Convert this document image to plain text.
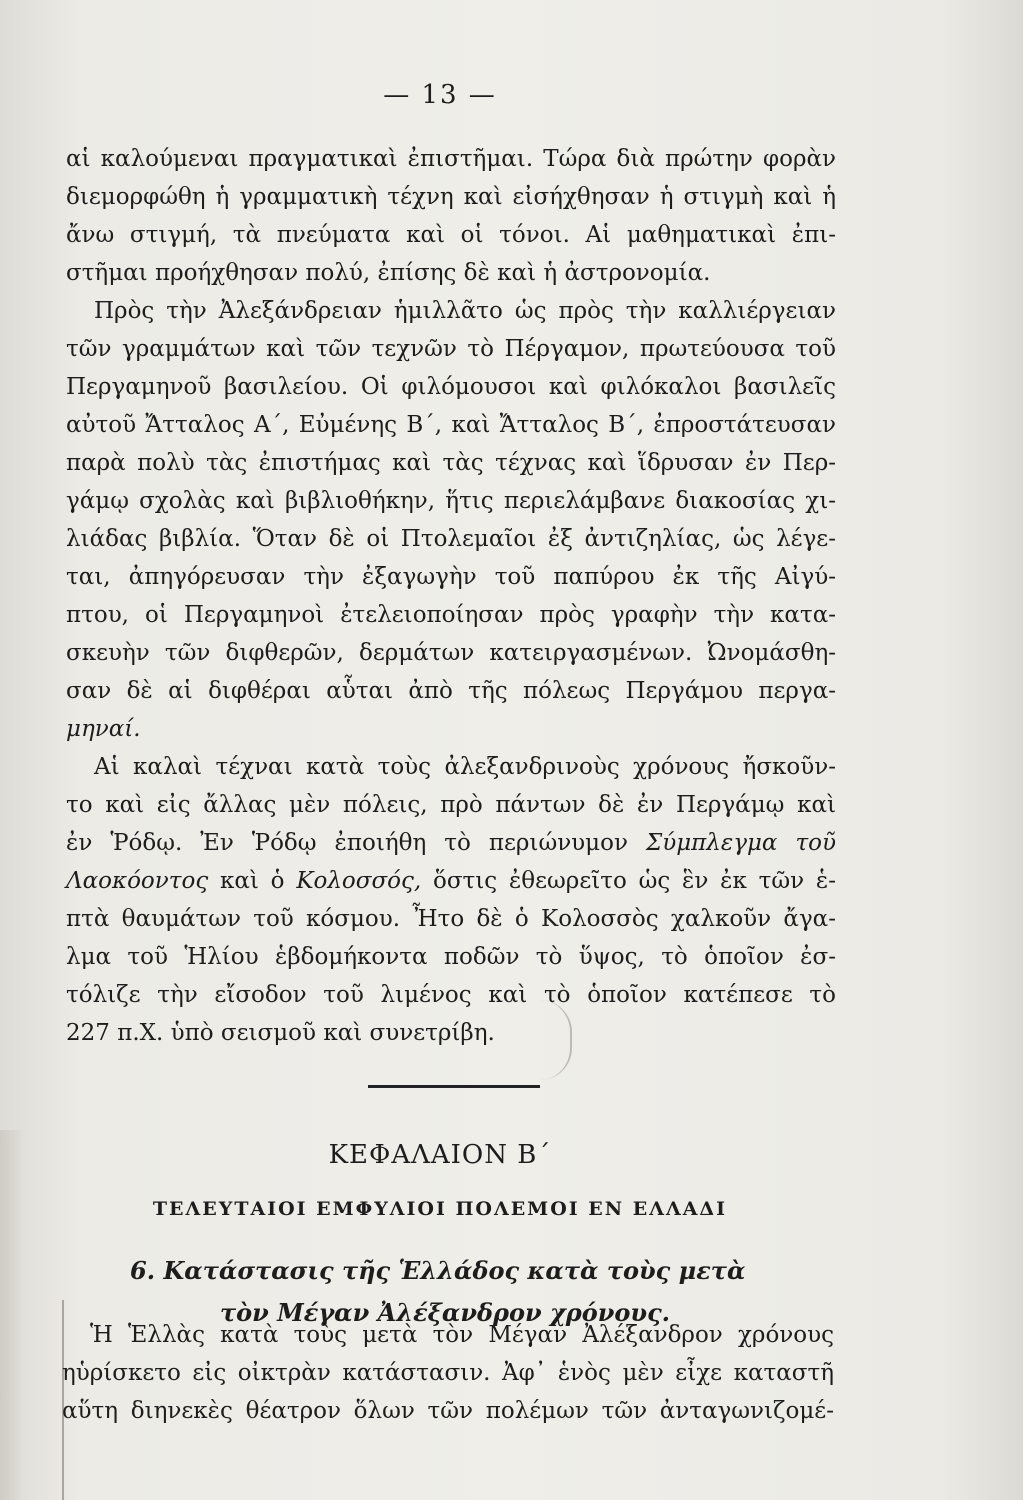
— 13 —
αἱ καλούμεναι πραγματικαὶ ἐπιστῆμαι. Τώρα διὰ πρώτην φορὰν
διεμορφώθη ἡ γραμματικὴ τέχνη καὶ εἰσήχθησαν ἡ στιγμὴ καὶ ἡ
ἄνω στιγμή, τὰ πνεύματα καὶ οἱ τόνοι. Αἱ μαθηματικαὶ ἐπι-
στῆμαι προήχθησαν πολύ, ἐπίσης δὲ καὶ ἡ ἀστρονομία.
Πρὸς τὴν Ἀλεξάνδρειαν ἡμιλλᾶτο ὡς πρὸς τὴν καλλιέργειαν
τῶν γραμμάτων καὶ τῶν τεχνῶν τὸ Πέργαμον, πρωτεύουσα τοῦ
Περγαμηνοῦ βασιλείου. Οἱ φιλόμουσοι καὶ φιλόκαλοι βασιλεῖς
αὐτοῦ Ἄτταλος Α΄, Εὐμένης Β΄, καὶ Ἄτταλος Β΄, ἐπροστάτευσαν
παρὰ πολὺ τὰς ἐπιστήμας καὶ τὰς τέχνας καὶ ἵδρυσαν ἐν Περ-
γάμῳ σχολὰς καὶ βιβλιοθήκην, ἥτις περιελάμβανε διακοσίας χι-
λιάδας βιβλία. Ὅταν δὲ οἱ Πτολεμαῖοι ἐξ ἀντιζηλίας, ὡς λέγε-
ται, ἀπηγόρευσαν τὴν ἐξαγωγὴν τοῦ παπύρου ἐκ τῆς Αἰγύ-
πτου, οἱ Περγαμηνοὶ ἐτελειοποίησαν πρὸς γραφὴν τὴν κατα-
σκευὴν τῶν διφθερῶν, δερμάτων κατειργασμένων. Ὠνομάσθη-
σαν δὲ αἱ διφθέραι αὗται ἀπὸ τῆς πόλεως Περγάμου περγα-
μηναί.
Αἱ καλαὶ τέχναι κατὰ τοὺς ἀλεξανδρινοὺς χρόνους ἤσκοῦν-
το καὶ εἰς ἄλλας μὲν πόλεις, πρὸ πάντων δὲ ἐν Περγάμῳ καὶ
ἐν Ῥόδῳ. Ἐν Ῥόδῳ ἐποιήθη τὸ περιώνυμον Σύμπλεγμα τοῦ
Λαοκόοντος καὶ ὁ Κολοσσός, ὅστις ἐθεωρεῖτο ὡς ἓν ἐκ τῶν ἑ-
πτὰ θαυμάτων τοῦ κόσμου. Ἦτο δὲ ὁ Κολοσσὸς χαλκοῦν ἄγα-
λμα τοῦ Ἡλίου ἑβδομήκοντα ποδῶν τὸ ὕψος, τὸ ὁποῖον ἐσ-
τόλιζε τὴν εἴσοδον τοῦ λιμένος καὶ τὸ ὁποῖον κατέπεσε τὸ
227 π.Χ. ὑπὸ σεισμοῦ καὶ συνετρίβη.
ΚΕΦΑΛΑΙΟΝ Β΄
ΤΕΛΕΥΤΑΙΟΙ ΕΜΦΥΛΙΟΙ ΠΟΛΕΜΟΙ ΕΝ ΕΛΛΑΔΙ
6. Κατάστασις τῆς Ἑλλάδος κατὰ τοὺς μετὰ
τὸν Μέγαν Ἀλέξανδρον χρόνους.
Ἡ Ἑλλὰς κατὰ τοὺς μετὰ τὸν Μέγαν Ἀλέξανδρον χρόνους
ηὑρίσκετο εἰς οἰκτρὰν κατάστασιν. Ἀφ᾽ ἑνὸς μὲν εἶχε καταστῆ
αὕτη διηνεκὲς θέατρον ὅλων τῶν πολέμων τῶν ἀνταγωνιζομέ-
